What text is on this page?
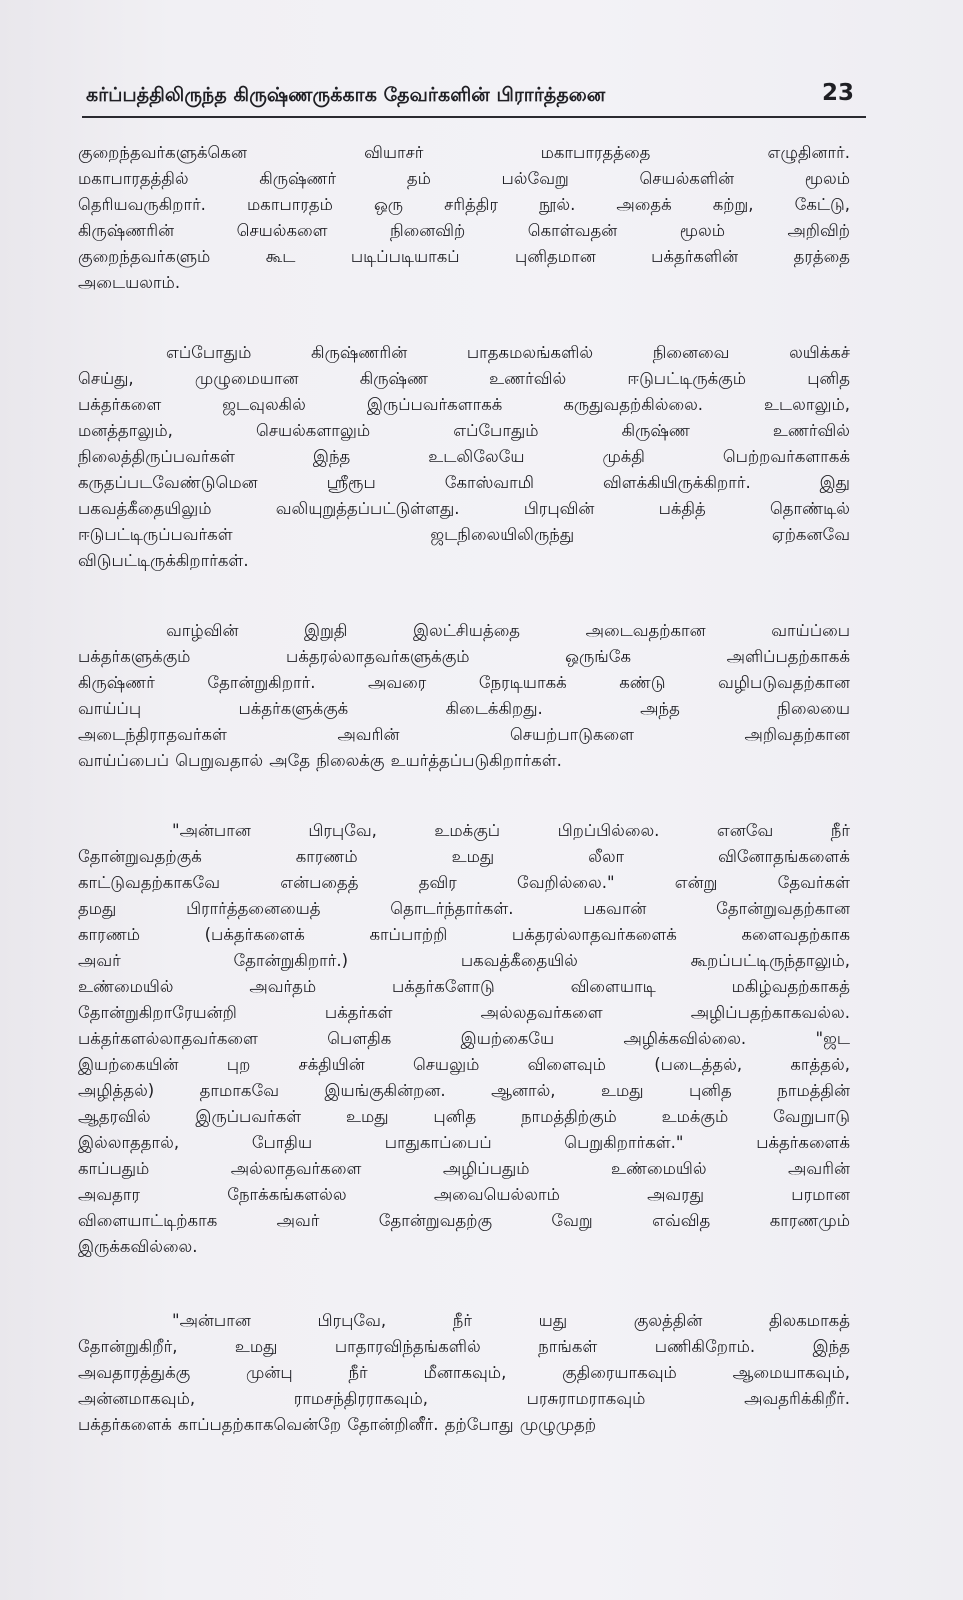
கர்ப்பத்திலிருந்த கிருஷ்ணருக்காக தேவர்களின் பிரார்த்தனை	23
குறைந்தவர்களுக்கென வியாசர் மகாபாரதத்தை எழுதினார்.
மகாபாரதத்தில் கிருஷ்ணர் தம் பல்வேறு செயல்களின் மூலம்
தெரியவருகிறார். மகாபாரதம் ஒரு சரித்திர நூல். அதைக் கற்று, கேட்டு,
கிருஷ்ணரின் செயல்களை நினைவிற் கொள்வதன் மூலம் அறிவிற்
குறைந்தவர்களும் கூட படிப்படியாகப் புனிதமான பக்தர்களின் தரத்தை
அடையலாம்.
எப்போதும் கிருஷ்ணரின் பாதகமலங்களில் நினைவை லயிக்கச்
செய்து, முழுமையான கிருஷ்ண உணர்வில் ஈடுபட்டிருக்கும் புனித
பக்தர்களை ஜடவுலகில் இருப்பவர்களாகக் கருதுவதற்கில்லை. உடலாலும்,
மனத்தாலும், செயல்களாலும் எப்போதும் கிருஷ்ண உணர்வில்
நிலைத்திருப்பவர்கள் இந்த உடலிலேயே முக்தி பெற்றவர்களாகக்
கருதப்படவேண்டுமென ஸ்ரீரூப கோஸ்வாமி விளக்கியிருக்கிறார். இது
பகவத்கீதையிலும் வலியுறுத்தப்பட்டுள்ளது. பிரபுவின் பக்தித் தொண்டில்
ஈடுபட்டிருப்பவர்கள் ஜடநிலையிலிருந்து ஏற்கனவே
விடுபட்டிருக்கிறார்கள்.
வாழ்வின் இறுதி இலட்சியத்தை அடைவதற்கான வாய்ப்பை
பக்தர்களுக்கும் பக்தரல்லாதவர்களுக்கும் ஒருங்கே அளிப்பதற்காகக்
கிருஷ்ணர் தோன்றுகிறார். அவரை நேரடியாகக் கண்டு வழிபடுவதற்கான
வாய்ப்பு பக்தர்களுக்குக் கிடைக்கிறது. அந்த நிலையை
அடைந்திராதவர்கள் அவரின் செயற்பாடுகளை அறிவதற்கான
வாய்ப்பைப் பெறுவதால் அதே நிலைக்கு உயர்த்தப்படுகிறார்கள்.
"அன்பான பிரபுவே, உமக்குப் பிறப்பில்லை. எனவே நீர்
தோன்றுவதற்குக் காரணம் உமது லீலா வினோதங்களைக்
காட்டுவதற்காகவே என்பதைத் தவிர வேறில்லை." என்று தேவர்கள்
தமது பிரார்த்தனையைத் தொடர்ந்தார்கள். பகவான் தோன்றுவதற்கான
காரணம் (பக்தர்களைக் காப்பாற்றி பக்தரல்லாதவர்களைக் களைவதற்காக
அவர் தோன்றுகிறார்.) பகவத்கீதையில் கூறப்பட்டிருந்தாலும்,
உண்மையில் அவர்தம் பக்தர்களோடு விளையாடி மகிழ்வதற்காகத்
தோன்றுகிறாரேயன்றி பக்தர்கள் அல்லதவர்களை அழிப்பதற்காகவல்ல.
பக்தர்களல்லாதவர்களை பௌதிக இயற்கையே அழிக்கவில்லை. "ஜட
இயற்கையின் புற சக்தியின் செயலும் விளைவும் (படைத்தல், காத்தல்,
அழித்தல்) தாமாகவே இயங்குகின்றன. ஆனால், உமது புனித நாமத்தின்
ஆதரவில் இருப்பவர்கள் உமது புனித நாமத்திற்கும் உமக்கும் வேறுபாடு
இல்லாததால், போதிய பாதுகாப்பைப் பெறுகிறார்கள்." பக்தர்களைக்
காப்பதும் அல்லாதவர்களை அழிப்பதும் உண்மையில் அவரின்
அவதார நோக்கங்களல்ல அவையெல்லாம் அவரது பரமான
விளையாட்டிற்காக அவர் தோன்றுவதற்கு வேறு எவ்வித காரணமும்
இருக்கவில்லை.
"அன்பான பிரபுவே, நீர் யது குலத்தின் திலகமாகத்
தோன்றுகிறீர், உமது பாதாரவிந்தங்களில் நாங்கள் பணிகிறோம். இந்த
அவதாரத்துக்கு முன்பு நீர் மீனாகவும், குதிரையாகவும் ஆமையாகவும்,
அன்னமாகவும், ராமசந்திரராகவும், பரசுராமராகவும் அவதரிக்கிறீர்.
பக்தர்களைக் காப்பதற்காகவென்றே தோன்றினீர். தற்போது முழுமுதற்
